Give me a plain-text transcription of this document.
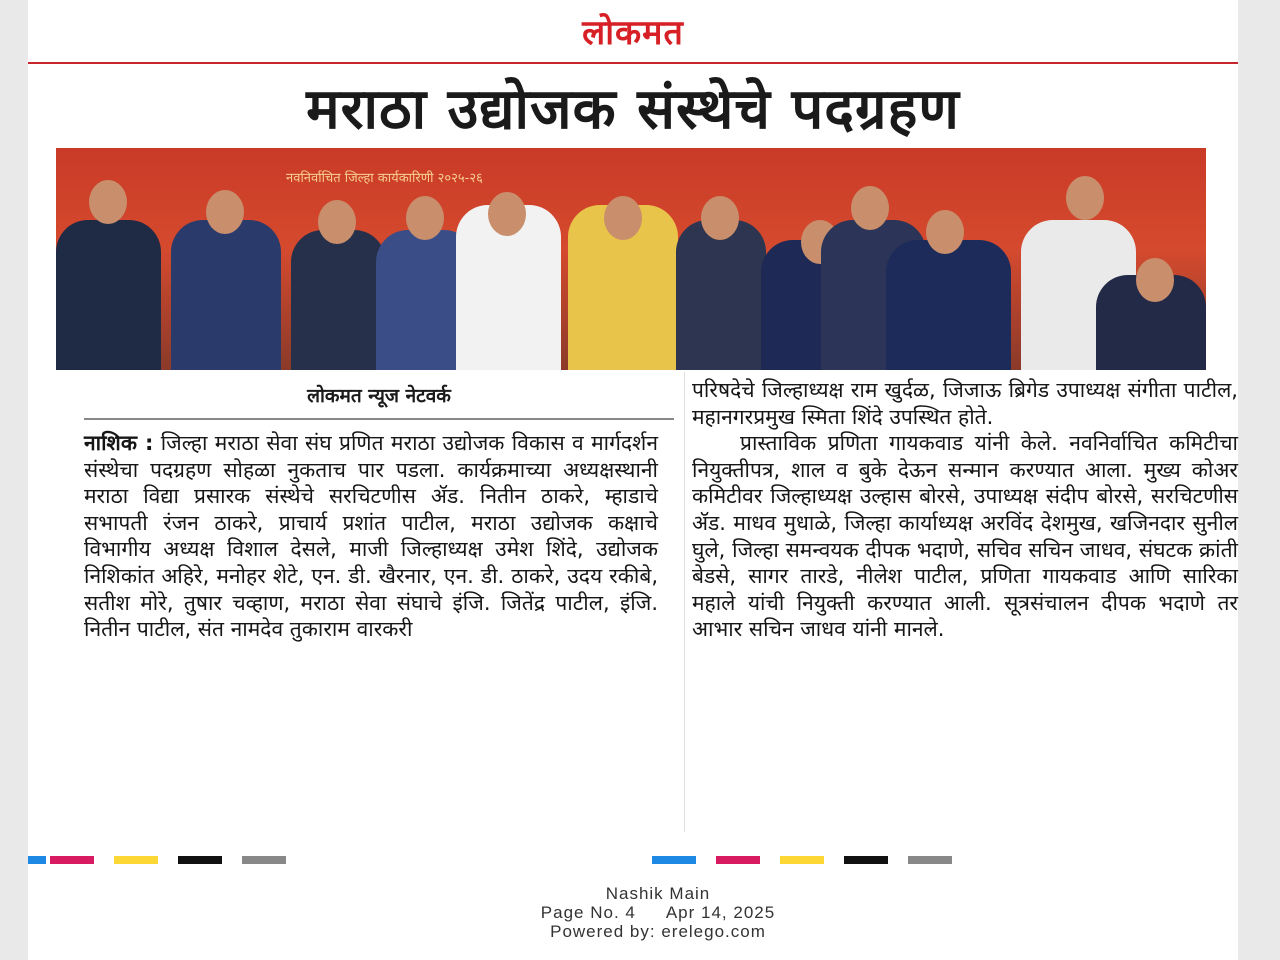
लोकमत
मराठा उद्योजक संस्थेचे पदग्रहण
नवनिर्वाचित जिल्हा कार्यकारिणी २०२५-२६
लोकमत न्यूज नेटवर्क
नाशिक : जिल्हा मराठा सेवा संघ प्रणित मराठा उद्योजक विकास व मार्गदर्शन संस्थेचा पदग्रहण सोहळा नुकताच पार पडला. कार्यक्रमाच्या अध्यक्षस्थानी मराठा विद्या प्रसारक संस्थेचे सरचिटणीस ॲड. नितीन ठाकरे, म्हाडाचे सभापती रंजन ठाकरे, प्राचार्य प्रशांत पाटील, मराठा उद्योजक कक्षाचे विभागीय अध्यक्ष विशाल देसले, माजी जिल्हाध्यक्ष उमेश शिंदे, उद्योजक निशिकांत अहिरे, मनोहर शेटे, एन. डी. खैरनार, एन. डी. ठाकरे, उदय रकीबे, सतीश मोरे, तुषार चव्हाण, मराठा सेवा संघाचे इंजि. जितेंद्र पाटील, इंजि. नितीन पाटील, संत नामदेव तुकाराम वारकरी

परिषदेचे जिल्हाध्यक्ष राम खुर्दळ, जिजाऊ ब्रिगेड उपाध्यक्ष संगीता पाटील, महानगरप्रमुख स्मिता शिंदे उपस्थित होते.

प्रास्ताविक प्रणिता गायकवाड यांनी केले. नवनिर्वाचित कमिटीचा नियुक्तीपत्र, शाल व बुके देऊन सन्मान करण्यात आला. मुख्य कोअर कमिटीवर जिल्हाध्यक्ष उल्हास बोरसे, उपाध्यक्ष संदीप बोरसे, सरचिटणीस ॲड. माधव मुधाळे, जिल्हा कार्याध्यक्ष अरविंद देशमुख, खजिनदार सुनील घुले, जिल्हा समन्वयक दीपक भदाणे, सचिव सचिन जाधव, संघटक क्रांती बेडसे, सागर तारडे, नीलेश पाटील, प्रणिता गायकवाड आणि सारिका महाले यांची नियुक्ती करण्यात आली. सूत्रसंचालन दीपक भदाणे तर आभार सचिन जाधव यांनी मानले.

Nashik Main
Page No. 4 Apr 14, 2025
Powered by: erelego.com
